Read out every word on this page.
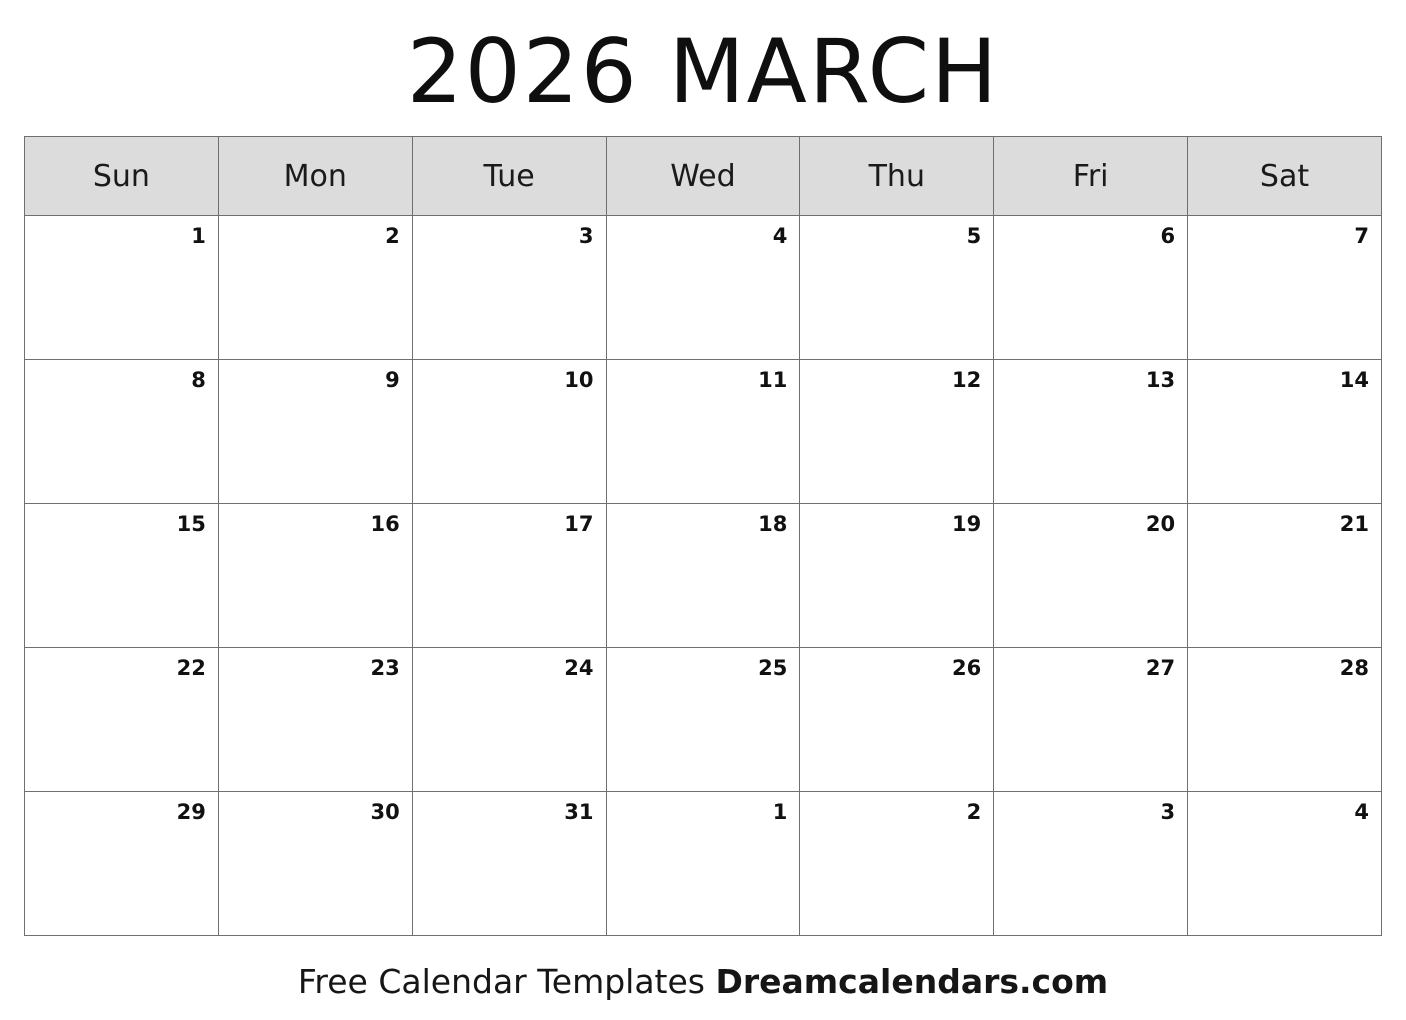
2026 MARCH
Sun	Mon	Tue	Wed	Thu	Fri	Sat
1	2	3	4	5	6	7
8	9	10	11	12	13	14
15	16	17	18	19	20	21
22	23	24	25	26	27	28
29	30	31	1	2	3	4
Free Calendar Templates Dreamcalendars.com
